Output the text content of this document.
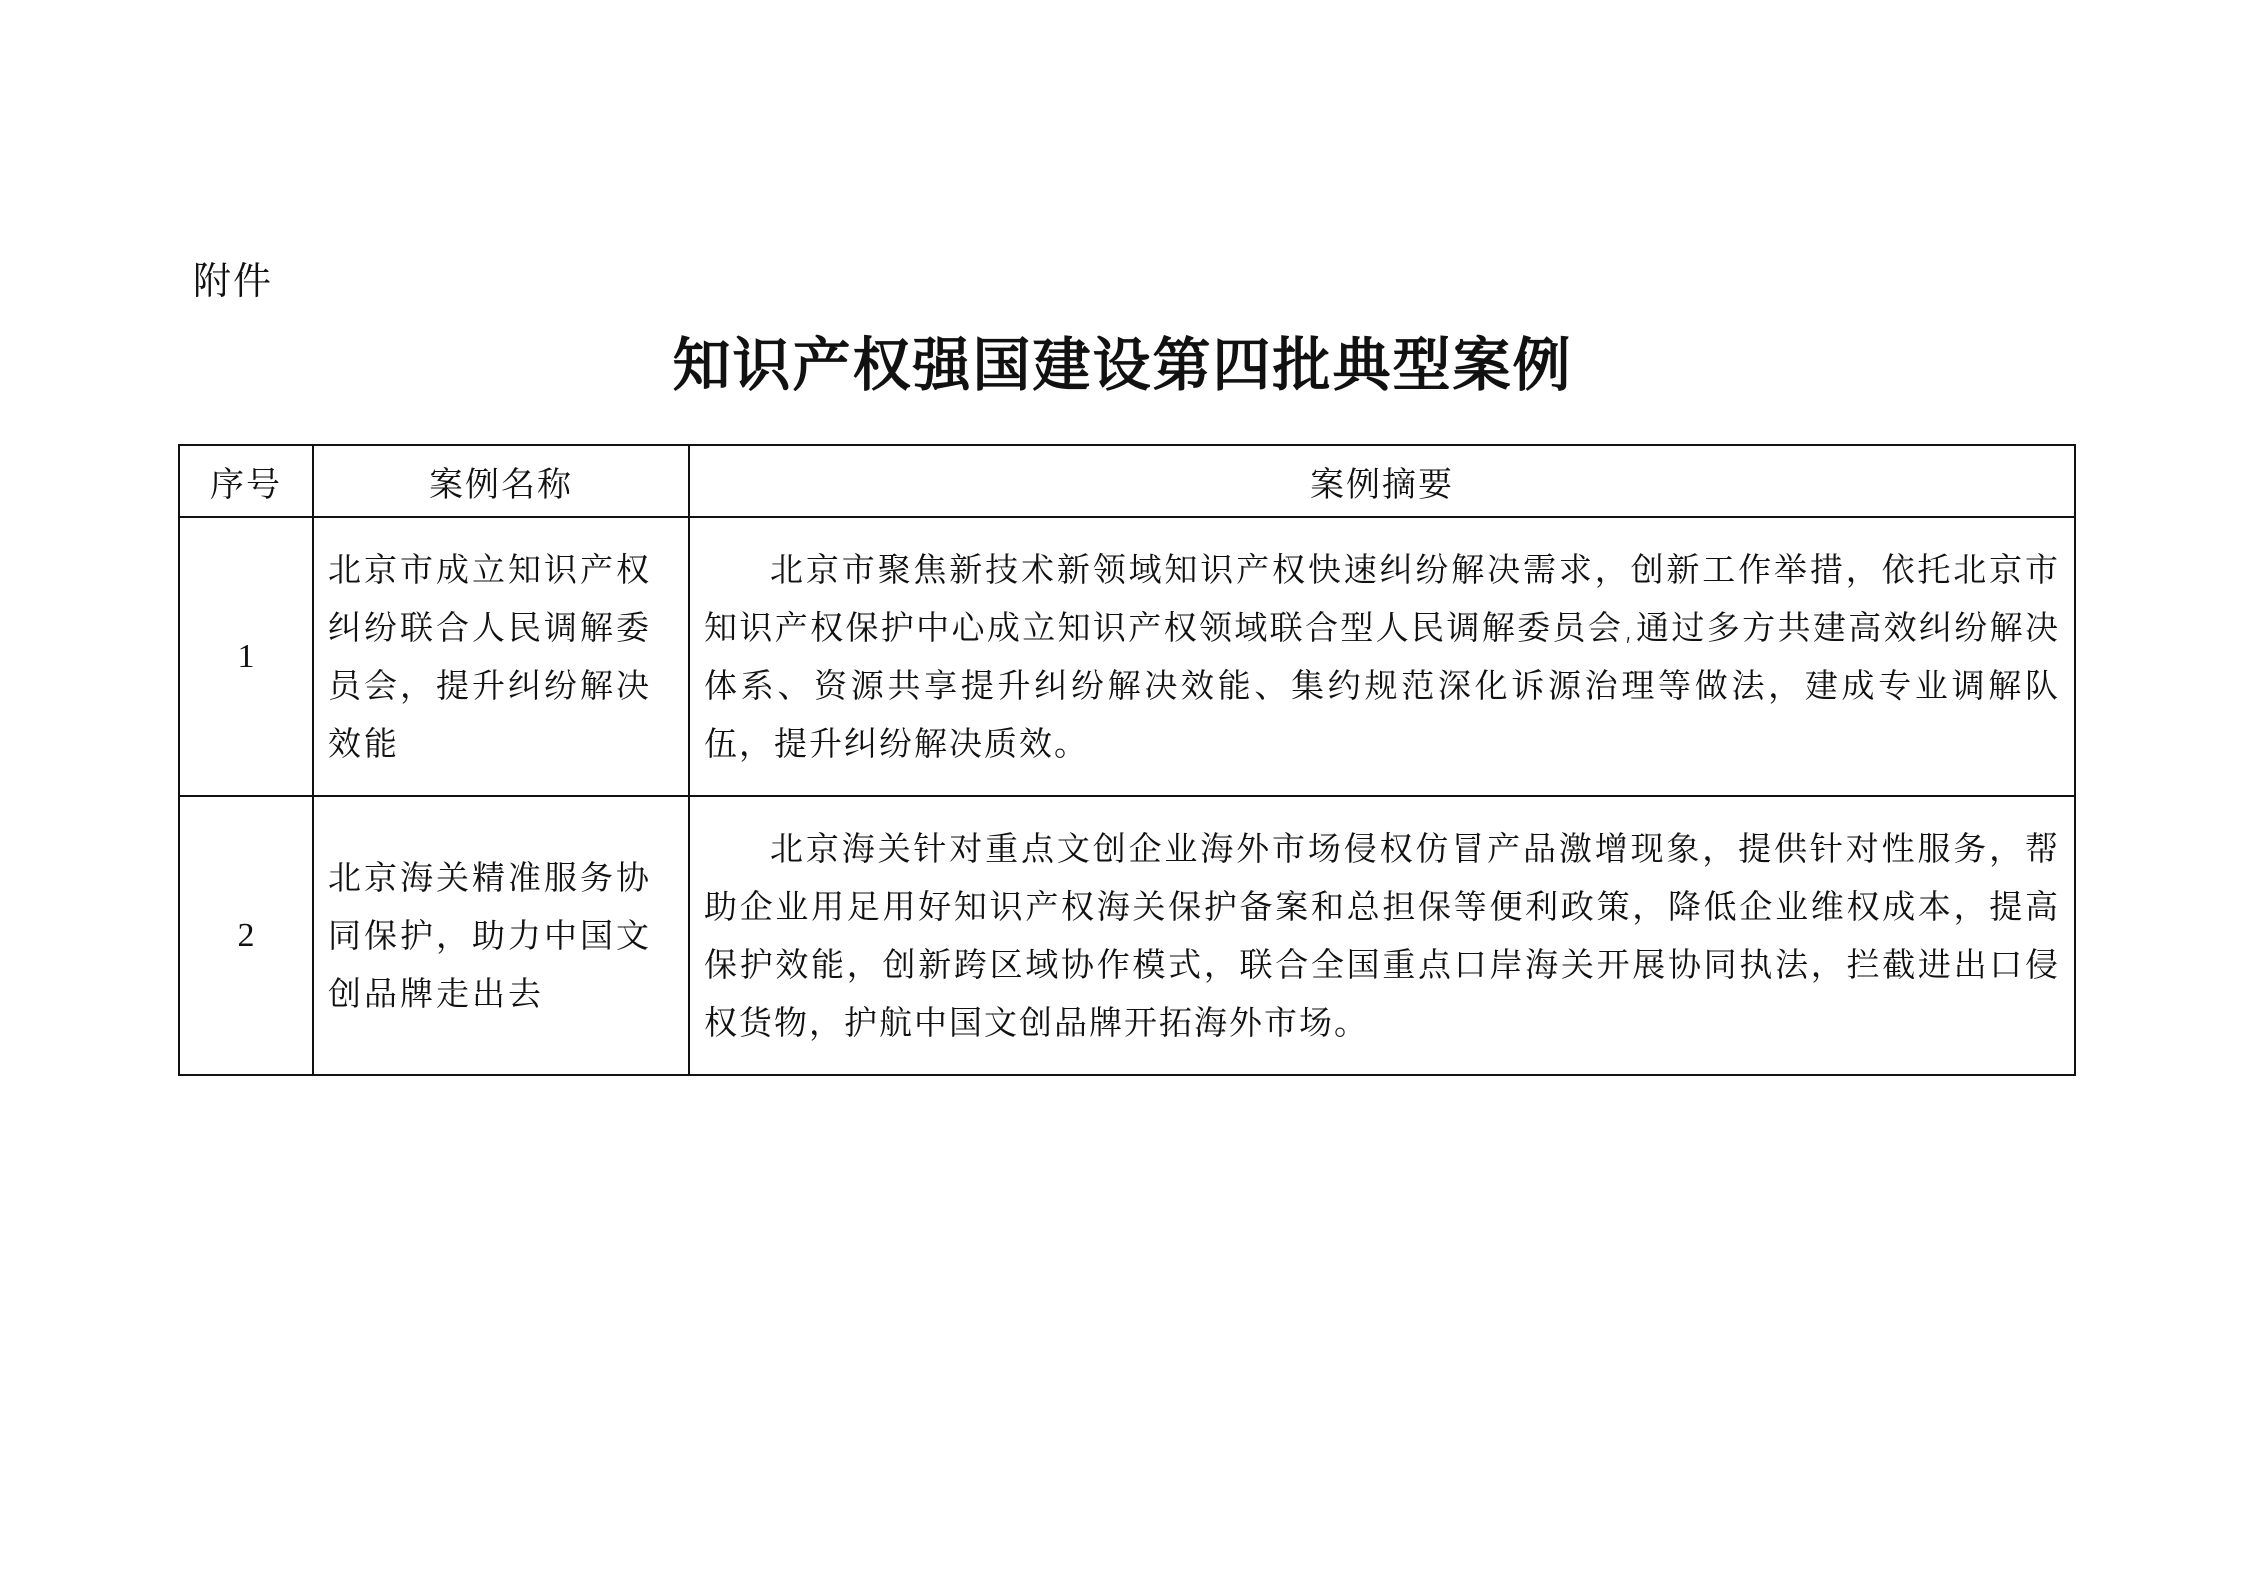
附件
知识产权强国建设第四批典型案例
序号	案例名称	案例摘要
1	北京市成立知识产权纠纷联合人民调解委员会，提升纠纷解决效能	北京市聚焦新技术新领域知识产权快速纠纷解决需求，创新工作举措，依托北京市知识产权保护中心成立知识产权领域联合型人民调解委员会,通过多方共建高效纠纷解决体系、资源共享提升纠纷解决效能、集约规范深化诉源治理等做法，建成专业调解队伍，提升纠纷解决质效。
2	北京海关精准服务协同保护，助力中国文创品牌走出去	北京海关针对重点文创企业海外市场侵权仿冒产品激增现象，提供针对性服务，帮助企业用足用好知识产权海关保护备案和总担保等便利政策，降低企业维权成本，提高保护效能，创新跨区域协作模式，联合全国重点口岸海关开展协同执法，拦截进出口侵权货物，护航中国文创品牌开拓海外市场。
